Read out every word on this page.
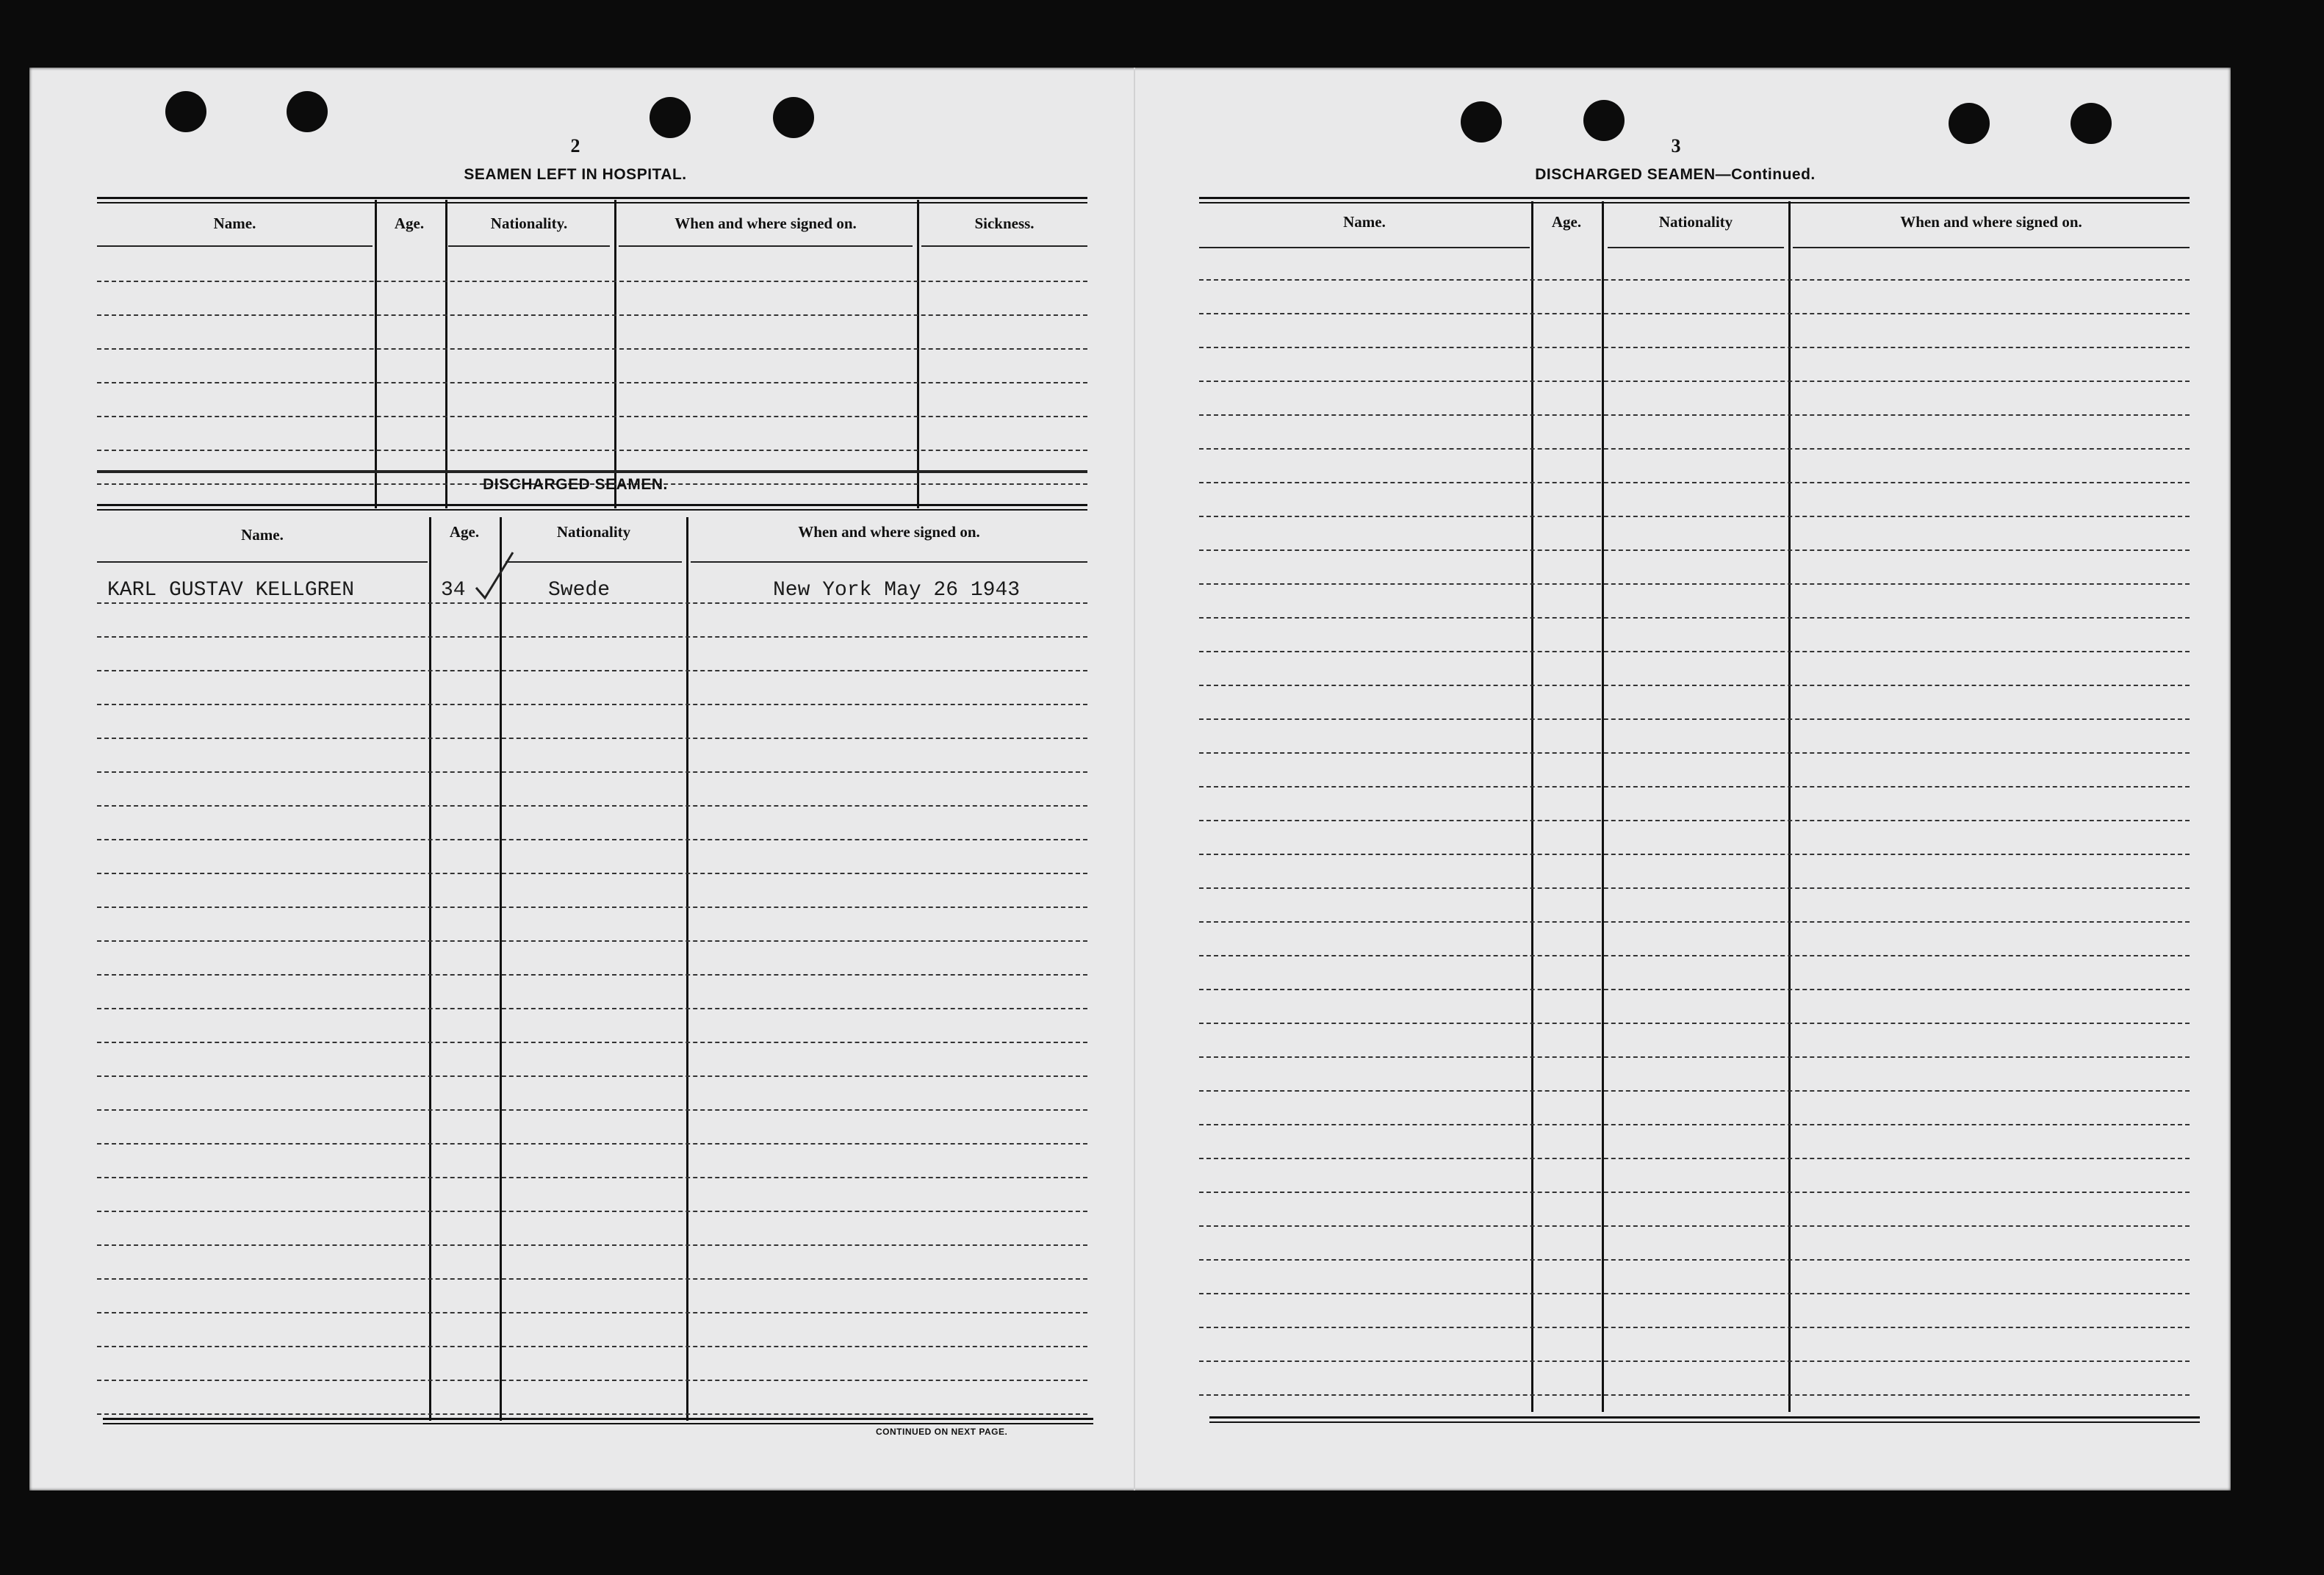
2
SEAMEN LEFT IN HOSPITAL.
Name.	Age.	Nationality.	When and where signed on.	Sickness.
DISCHARGED SEAMEN.
Name.	Age.	Nationality	When and where signed on.
KARL GUSTAV KELLGREN	34	Swede	New York May 26 1943
CONTINUED ON NEXT PAGE.
3
DISCHARGED SEAMEN—Continued.
Name.	Age.	Nationality	When and where signed on.
